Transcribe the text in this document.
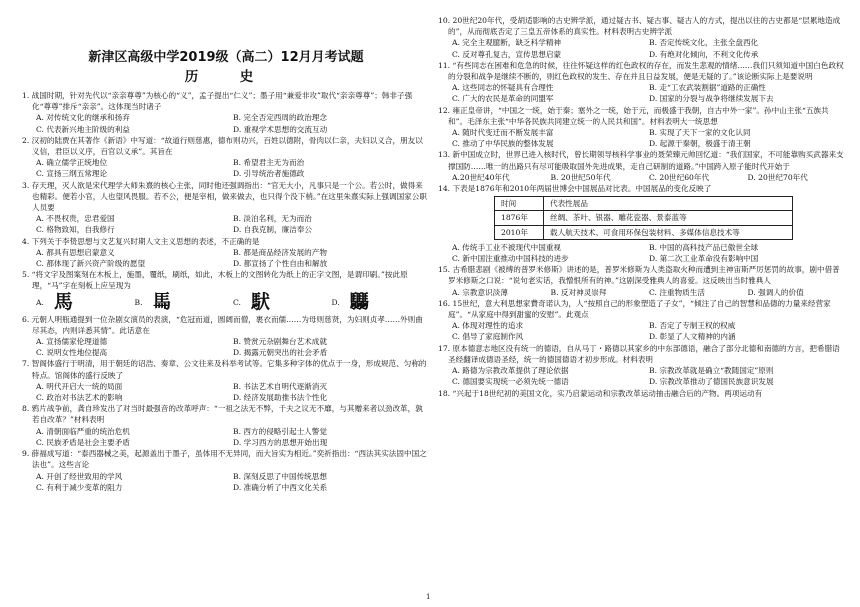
新津区高级中学2019级（高二）12月月考试题
历　史
1. 战国时期，针对先代以“亲亲尊尊”为核心的“义”，孟子提出“仁义”；墨子用“兼爱非攻”取代“亲亲尊尊”；韩非子强化“尊尊”排斥“亲亲”。这体现当时诸子
A. 对传统文化的继承和扬弃	B. 完全否定西周的政治理念
C. 代表新兴地主阶级的利益	D. 重视学术思想的交流互动
2. 汉初的陆贾在其著作《新语》中写道：“故道行则慈惠，德布则功兴，百姓以德附，骨肉以仁亲，夫妇以义合，朋友以义信，君臣以义序，百官以义承”。其旨在
A. 确立儒学正统地位	B. 希望君主无为而治
C. 宣扬三纲五常理论	D. 引导统治者施德政
3. 存天理，灭人欲是宋代理学大师朱熹的核心主张，同时他还强调指出：“官无大小，凡事只是一个公。若公时，做得来也精彩。便若小官，人也望风畏服。若不公，便是宰相，做来做去，也只得个没下梢。”在这里朱熹实际上强调国家公职人员要
A. 不畏权贵，忠君爱国	B. 淡泊名利，无为而治
C. 格物致知，自我修行	D. 自我克制，廉洁奉公
4. 下列关于李贽思想与文艺复兴时期人文主义思想的表述，不正确的是
A. 都具有思想启蒙意义	B. 都是商品经济发展的产物
C. 都体现了新兴资产阶级的愿望	D. 都宣扬了个性自由和解放
5. “将文字及图案刻在木板上，施墨，覆纸，刷纸，如此，木板上的文图转化为纸上的正字文图，是谓印刷。”按此原理，“马”字在刻板上应呈现为
A. 馬	B. 𩡧	C. 䭾	D. 𩧢
6. 元朝人明瓶通提到一位杂剧女演员的表演，“危冠而道，圆阔而僧，裹衣而儒……为母则慈贤，为妇则贞孝……外则曲尽其态，内则详悉其情”。此话意在
A. 宣扬儒家伦理道德	B. 赞赏元杂剧舞台艺术成就
C. 说明女性地位提高	D. 揭露元朝突出的社会矛盾
7. 智阁体盛行于明清，用于朝廷的诏浩、奏章、公文往来及科举考试等。它集多种字体的优点于一身，形成规范、匀称的特点。馆阁体的盛行反映了
A. 明代开启大一统的局面	B. 书法艺术自明代逐渐消灭
C. 政治对书法艺术的影响	D. 经济发展助推书法个性化
8. 鸦片战争前，龚自珍发出了对当时最强音的改革呼声：“一祖之法无不弊，千夫之议无不靡，与其赠来者以劲改革，孰若自改革？”材料表明
A. 清朝面临严重的统治危机	B. 西方的侵略引起士人警觉
C. 民族矛盾是社会主要矛盾	D. 学习西方的思想开始出现
9. 薛福成写道：“泰西器械之美，起源盖出于墨子，虽体用不无异同，而大旨实为相近。”奕祈指出：“西法其实法固中国之法也”。这些言论
A. 开创了经世致用的学风	B. 深刻反思了中国传统思想
C. 有利于减少变革的阻力	D. 准确分析了中西文化关系
10. 20世纪20年代，受胡适影响的古史辨学派，通过疑古书、疑古事、疑古人的方式，提出以往的古史都是“层累地造成的”，从而彻底否定了三皇五帝体系的真实性。材料表明古史辨学派
A. 完全主观臆断，缺乏科学精神	B. 否定传统文化，主张全盘西化
C. 反对尊孔复古，宣传思想启蒙	D. 有绝对化倾向，不利文化传承
11. “有些同志在困难和危急的时候，往往怀疑这样的红色政权的存在，而发生悲观的情绪……我们只须知道中国白色政权的分裂和战争是继续不断的，则红色政权的发生、存在并且日益发展，便是无疑的了。”该论断实际上是要说明
A. 这些同志的怀疑具有合理性	B. 走“工农武装割据”道路的正确性
C. 广大的农民是革命的同盟军	D. 国家的分裂与战争将继续发展下去
12. 雍正皇帝讲，“中国之一统，始于秦；塞外之一统，始于元，而极盛于我朝，自古中外一家”。孙中山主张“五族共和”。毛泽东主张“中华各民族共同建立统一的人民共和国”。材料表明大一统思想
A. 随时代变迁而不断发展丰富	B. 实现了天下一家的文化认同
C. 推动了中华民族的整体发展	D. 起源于秦朝，极盛于清王朝
13. 新中国成立时，世界已进入核时代，曾长期领导核科学事业的聂荣臻元帅回忆道：“我们国家，不可能靠购买武器来支撑国防……唯一的出路只有尽可能吸取国外先进成果，走自己研制的道路。”中国跨入原子能时代开始于
A.20世纪40年代	B. 20世纪50年代	C. 20世纪60年代	D. 20世纪70年代
14. 下表是1876年和2010年两届世博会中国展品对比表。中国展品的变化反映了
时间	代表性展品
1876年	丝绸、茶叶、银器、雕花瓷器、景泰蓝等
2010年	载人航天技术、可食用环保包装材料、多媒体信息技术等
A. 传统手工业不被现代中国重视	B. 中国的高科技产品已傲世全球
C. 新中国注重推动中国科技的进步	D. 第二次工业革命没有影响中国
15. 古希腊悲剧《被缚的普罗米修斯》讲述的是，普罗米修斯为人类盗取火种而遭到主神宙斯严厉惩罚的故事，剧中借普罗米修斯之口说：“说句老实话，我憎恨所有的神。”这剧深受雅典人的喜爱。这反映出当时雅典人
A. 宗教意识淡薄	B. 反对神灵崇拜	C. 注重物质生活	D. 强调人的价值
16. 15世纪，意大利思想家費奇诺认为，人“按照自己的形象塑造了子女”，“倾注了自己的智慧和品德的力量来经营家庭”。“从家庭中得到甜蜜的安慰”。此观点
A. 体现对理性的追求	B. 否定了专制王权的权威
C. 倡导了家庭制作风	D. 彰显了人文精神的内涵
17. 原本德意志地区没有统一的德语，自从马丁・路德以其家乡的中东部德语，融合了部分北德和南德的方言，把希腊语圣经翻译成德语圣经，统一的德国德语才初步形成。材料表明
A. 路德为宗教改革提供了理论依据	B. 宗教改革就是确立“教随国定”原则
C. 德国要实现统一必须先统一德语	D. 宗教改革推动了德国民族意识发展
18. “兴起于18世纪初的美国文化，实乃启蒙运动和宗教改革运动抽击融合后的产物。两项运动有
1
